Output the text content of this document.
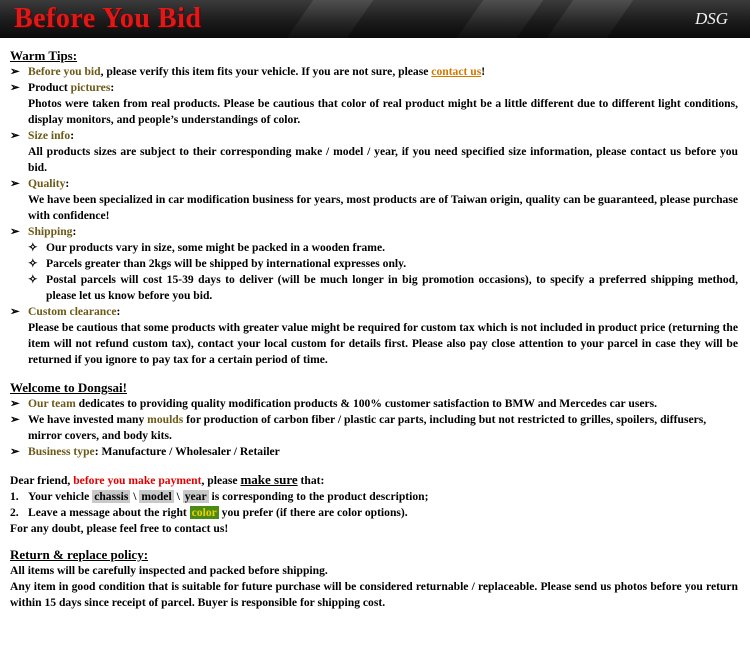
Before You Bid	DSG

Warm Tips:

➢ Before you bid, please verify this item fits your vehicle. If you are not sure, please contact us!
➢ Product pictures:

Photos were taken from real products. Please be cautious that color of real product might be a little different due to different light conditions, display monitors, and people’s understandings of color.

➢ Size info:

All products sizes are subject to their corresponding make / model / year, if you need specified size information, please contact us before you bid.

➢ Quality:

We have been specialized in car modification business for years, most products are of Taiwan origin, quality can be guaranteed, please purchase with confidence!

➢ Shipping:
✧ Our products vary in size, some might be packed in a wooden frame.
✧ Parcels greater than 2kgs will be shipped by international expresses only.
✧ Postal parcels will cost 15-39 days to deliver (will be much longer in big promotion occasions), to specify a preferred shipping method, please let us know before you bid.
➢ Custom clearance:

Please be cautious that some products with greater value might be required for custom tax which is not included in product price (returning the item will not refund custom tax), contact your local custom for details first. Please also pay close attention to your parcel in case they will be returned if you ignore to pay tax for a certain period of time.

Welcome to Dongsai!

➢ Our team dedicates to providing quality modification products & 100% customer satisfaction to BMW and Mercedes car users.
➢ We have invested many moulds for production of carbon fiber / plastic car parts, including but not restricted to grilles, spoilers, diffusers, mirror covers, and body kits.
➢ Business type: Manufacture / Wholesaler / Retailer

Dear friend, before you make payment, please make sure that:

1. Your vehicle chassis \ model \ year is corresponding to the product description;
2. Leave a message about the right color you prefer (if there are color options).

For any doubt, please feel free to contact us!

Return & replace policy:

All items will be carefully inspected and packed before shipping.

Any item in good condition that is suitable for future purchase will be considered returnable / replaceable. Please send us photos before you return within 15 days since receipt of parcel. Buyer is responsible for shipping cost.
